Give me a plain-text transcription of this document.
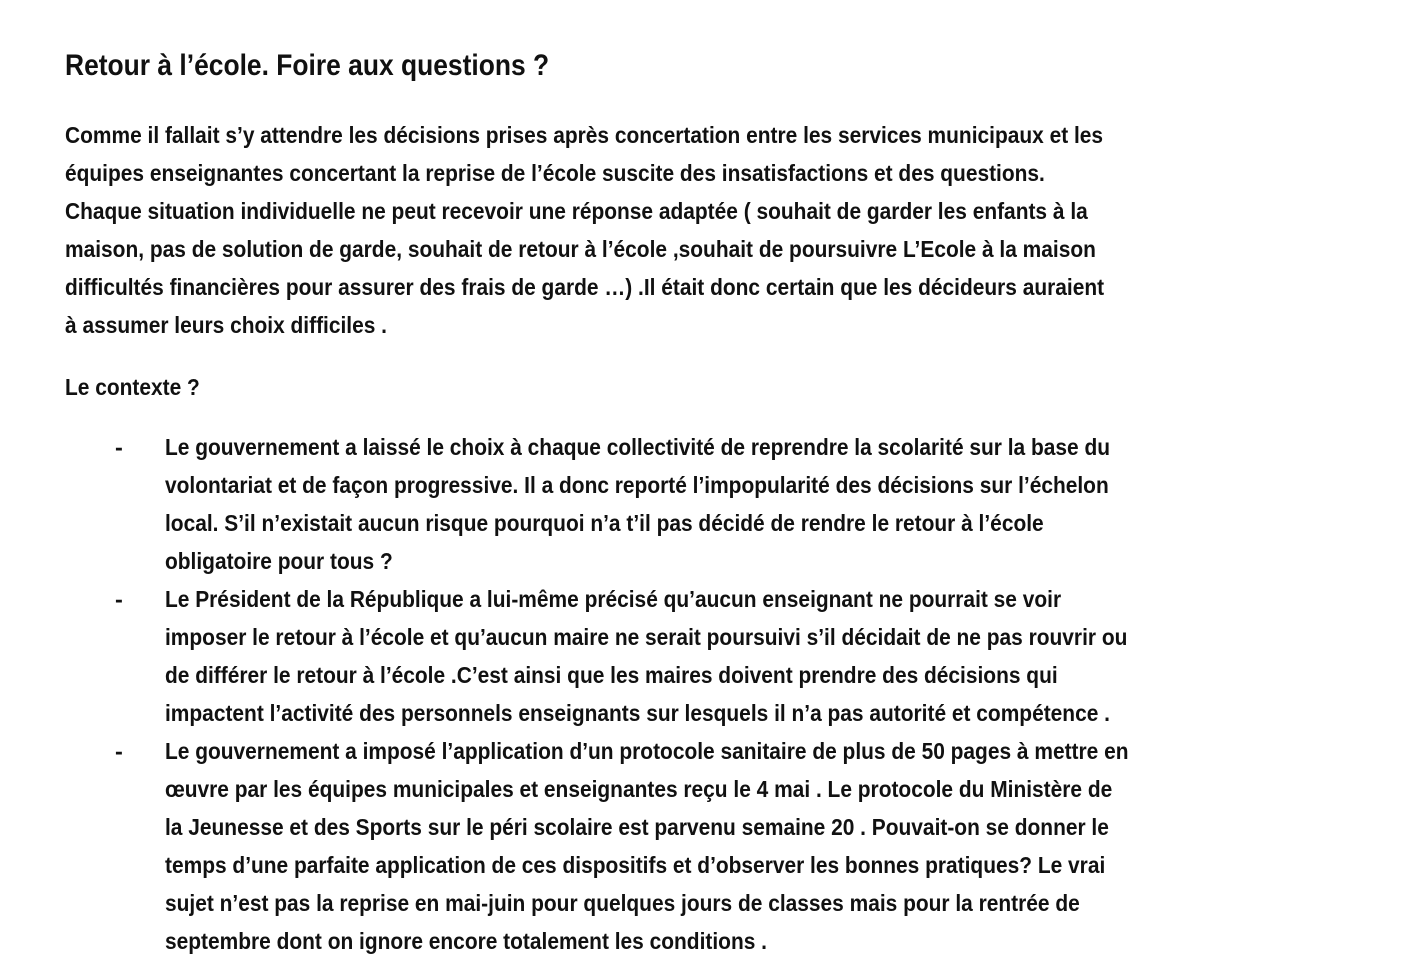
Retour à l’école. Foire aux questions ?
Comme il fallait s’y attendre les décisions prises après concertation entre les services municipaux et les
équipes enseignantes concertant la reprise de l’école suscite des insatisfactions et des questions.
Chaque situation individuelle ne peut recevoir une réponse adaptée ( souhait de garder les enfants à la
maison, pas de solution de garde, souhait de retour à l’école ,souhait de poursuivre L’Ecole à la maison
difficultés financières pour assurer des frais de garde …) .Il était donc certain que les décideurs auraient
à assumer leurs choix difficiles .
Le contexte ?
- Le gouvernement a laissé le choix à chaque collectivité de reprendre la scolarité sur la base du
volontariat et de façon progressive. Il a donc reporté l’impopularité des décisions sur l’échelon
local. S’il n’existait aucun risque pourquoi n’a t’il pas décidé de rendre le retour à l’école
obligatoire pour tous ?
- Le Président de la République a lui-même précisé qu’aucun enseignant ne pourrait se voir
imposer le retour à l’école et qu’aucun maire ne serait poursuivi s’il décidait de ne pas rouvrir ou
de différer le retour à l’école .C’est ainsi que les maires doivent prendre des décisions qui
impactent l’activité des personnels enseignants sur lesquels il n’a pas autorité et compétence .
- Le gouvernement a imposé l’application d’un protocole sanitaire de plus de 50 pages à mettre en
œuvre par les équipes municipales et enseignantes reçu le 4 mai . Le protocole du Ministère de
la Jeunesse et des Sports sur le péri scolaire est parvenu semaine 20 . Pouvait-on se donner le
temps d’une parfaite application de ces dispositifs et d’observer les bonnes pratiques? Le vrai
sujet n’est pas la reprise en mai-juin pour quelques jours de classes mais pour la rentrée de
septembre dont on ignore encore totalement les conditions .
